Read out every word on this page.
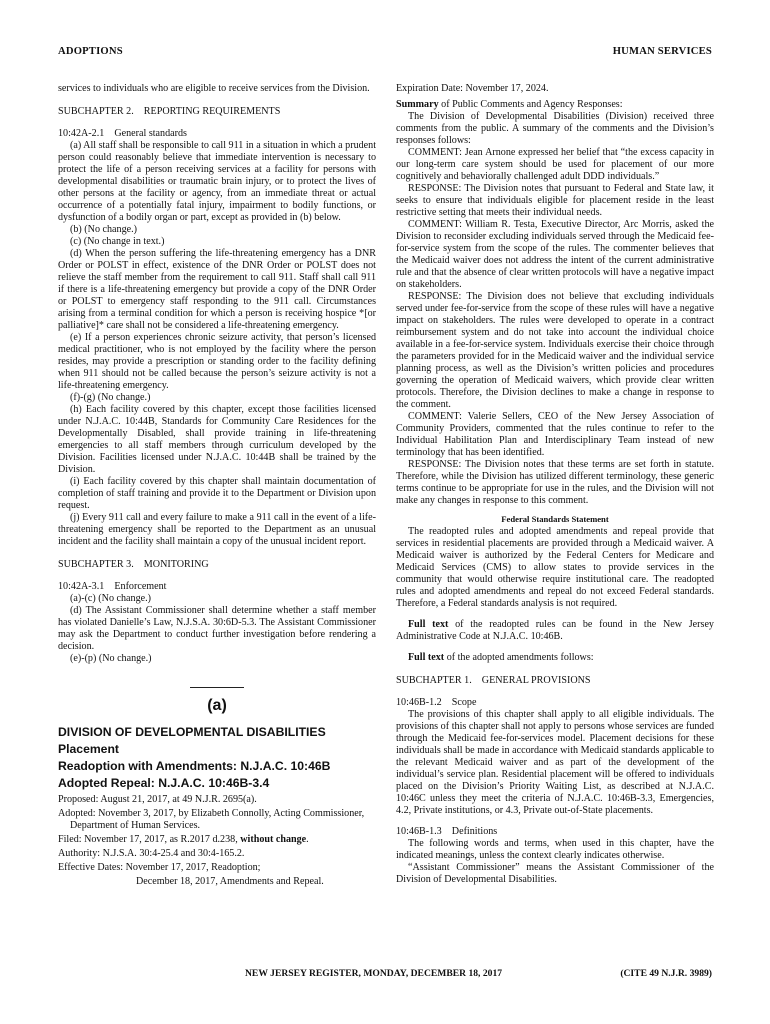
ADOPTIONS	HUMAN SERVICES

services to individuals who are eligible to receive services from the Division.

SUBCHAPTER 2. REPORTING REQUIREMENTS

10:42A-2.1 General standards

(a) All staff shall be responsible to call 911 in a situation in which a prudent person could reasonably believe that immediate intervention is necessary to protect the life of a person receiving services at a facility for persons with developmental disabilities or traumatic brain injury, or to protect the lives of other persons at the facility or agency, from an immediate threat or actual occurrence of a potentially fatal injury, impairment to bodily functions, or dysfunction of a bodily organ or part, except as provided in (b) below.

(b) (No change.)

(c) (No change in text.)

(d) When the person suffering the life-threatening emergency has a DNR Order or POLST in effect, existence of the DNR Order or POLST does not relieve the staff member from the requirement to call 911. Staff shall call 911 if there is a life-threatening emergency but provide a copy of the DNR Order or POLST to emergency staff responding to the 911 call. Circumstances arising from a terminal condition for which a person is receiving hospice *[or palliative]* care shall not be considered a life-threatening emergency.

(e) If a person experiences chronic seizure activity, that person’s licensed medical practitioner, who is not employed by the facility where the person resides, may provide a prescription or standing order to the facility defining when 911 should not be called because the person’s seizure activity is not a life-threatening emergency.

(f)-(g) (No change.)

(h) Each facility covered by this chapter, except those facilities licensed under N.J.A.C. 10:44B, Standards for Community Care Residences for the Developmentally Disabled, shall provide training in life-threatening emergencies to all staff members through curriculum developed by the Division. Facilities licensed under N.J.A.C. 10:44B shall be trained by the Division.

(i) Each facility covered by this chapter shall maintain documentation of completion of staff training and provide it to the Department or Division upon request.

(j) Every 911 call and every failure to make a 911 call in the event of a life-threatening emergency shall be reported to the Department as an unusual incident and the facility shall maintain a copy of the unusual incident report.

SUBCHAPTER 3. MONITORING

10:42A-3.1 Enforcement

(a)-(c) (No change.)

(d) The Assistant Commissioner shall determine whether a staff member has violated Danielle’s Law, N.J.S.A. 30:6D-5.3. The Assistant Commissioner may ask the Department to conduct further investigation before rendering a decision.

(e)-(p) (No change.)

(a)
DIVISION OF DEVELOPMENTAL DISABILITIES
Placement
Readoption with Amendments: N.J.A.C. 10:46B
Adopted Repeal: N.J.A.C. 10:46B-3.4

Proposed: August 21, 2017, at 49 N.J.R. 2695(a).

Adopted: November 3, 2017, by Elizabeth Connolly, Acting Commissioner, Department of Human Services.

Filed: November 17, 2017, as R.2017 d.238, without change.

Authority: N.J.S.A. 30:4-25.4 and 30:4-165.2.

Effective Dates: November 17, 2017, Readoption;

December 18, 2017, Amendments and Repeal.

Expiration Date: November 17, 2024.

Summary of Public Comments and Agency Responses:

The Division of Developmental Disabilities (Division) received three comments from the public. A summary of the comments and the Division’s responses follows:

COMMENT: Jean Arnone expressed her belief that “the excess capacity in our long-term care system should be used for placement of our more cognitively and behaviorally challenged adult DDD individuals.”

RESPONSE: The Division notes that pursuant to Federal and State law, it seeks to ensure that individuals eligible for placement reside in the least restrictive setting that meets their individual needs.

COMMENT: William R. Testa, Executive Director, Arc Morris, asked the Division to reconsider excluding individuals served through the Medicaid fee-for-service system from the scope of the rules. The commenter believes that the Medicaid waiver does not address the intent of the current administrative rule and that the absence of clear written protocols will have a negative impact on stakeholders.

RESPONSE: The Division does not believe that excluding individuals served under fee-for-service from the scope of these rules will have a negative impact on stakeholders. The rules were developed to operate in a contract reimbursement system and do not take into account the individual choice available in a fee-for-service system. Individuals exercise their choice through the parameters provided for in the Medicaid waiver and the individual service planning process, as well as the Division’s written policies and procedures governing the operation of Medicaid waivers, which provide clear written protocols. Therefore, the Division declines to make a change in response to the comment.

COMMENT: Valerie Sellers, CEO of the New Jersey Association of Community Providers, commented that the rules continue to refer to the Individual Habilitation Plan and Interdisciplinary Team instead of new terminology that has been identified.

RESPONSE: The Division notes that these terms are set forth in statute. Therefore, while the Division has utilized different terminology, these generic terms continue to be appropriate for use in the rules, and the Division will not make any changes in response to this comment.

Federal Standards Statement

The readopted rules and adopted amendments and repeal provide that services in residential placements are provided through a Medicaid waiver. A Medicaid waiver is authorized by the Federal Centers for Medicare and Medicaid Services (CMS) to allow states to provide services in the community that would otherwise require institutional care. The readopted rules and adopted amendments and repeal do not exceed Federal standards. Therefore, a Federal standards analysis is not required.

Full text of the readopted rules can be found in the New Jersey Administrative Code at N.J.A.C. 10:46B.

Full text of the adopted amendments follows:

SUBCHAPTER 1. GENERAL PROVISIONS

10:46B-1.2 Scope

The provisions of this chapter shall apply to all eligible individuals. The provisions of this chapter shall not apply to persons whose services are funded through the Medicaid fee-for-services model. Placement decisions for these individuals shall be made in accordance with Medicaid standards applicable to the relevant Medicaid waiver and as part of the development of the individual’s service plan. Residential placement will be offered to individuals placed on the Division’s Priority Waiting List, as described at N.J.A.C. 10:46C unless they meet the criteria of N.J.A.C. 10:46B-3.3, Emergencies, 4.2, Private institutions, or 4.3, Private out-of-State placements.

10:46B-1.3 Definitions

The following words and terms, when used in this chapter, have the indicated meanings, unless the context clearly indicates otherwise.

“Assistant Commissioner” means the Assistant Commissioner of the Division of Developmental Disabilities.

NEW JERSEY REGISTER, MONDAY, DECEMBER 18, 2017	(CITE 49 N.J.R. 3989)
